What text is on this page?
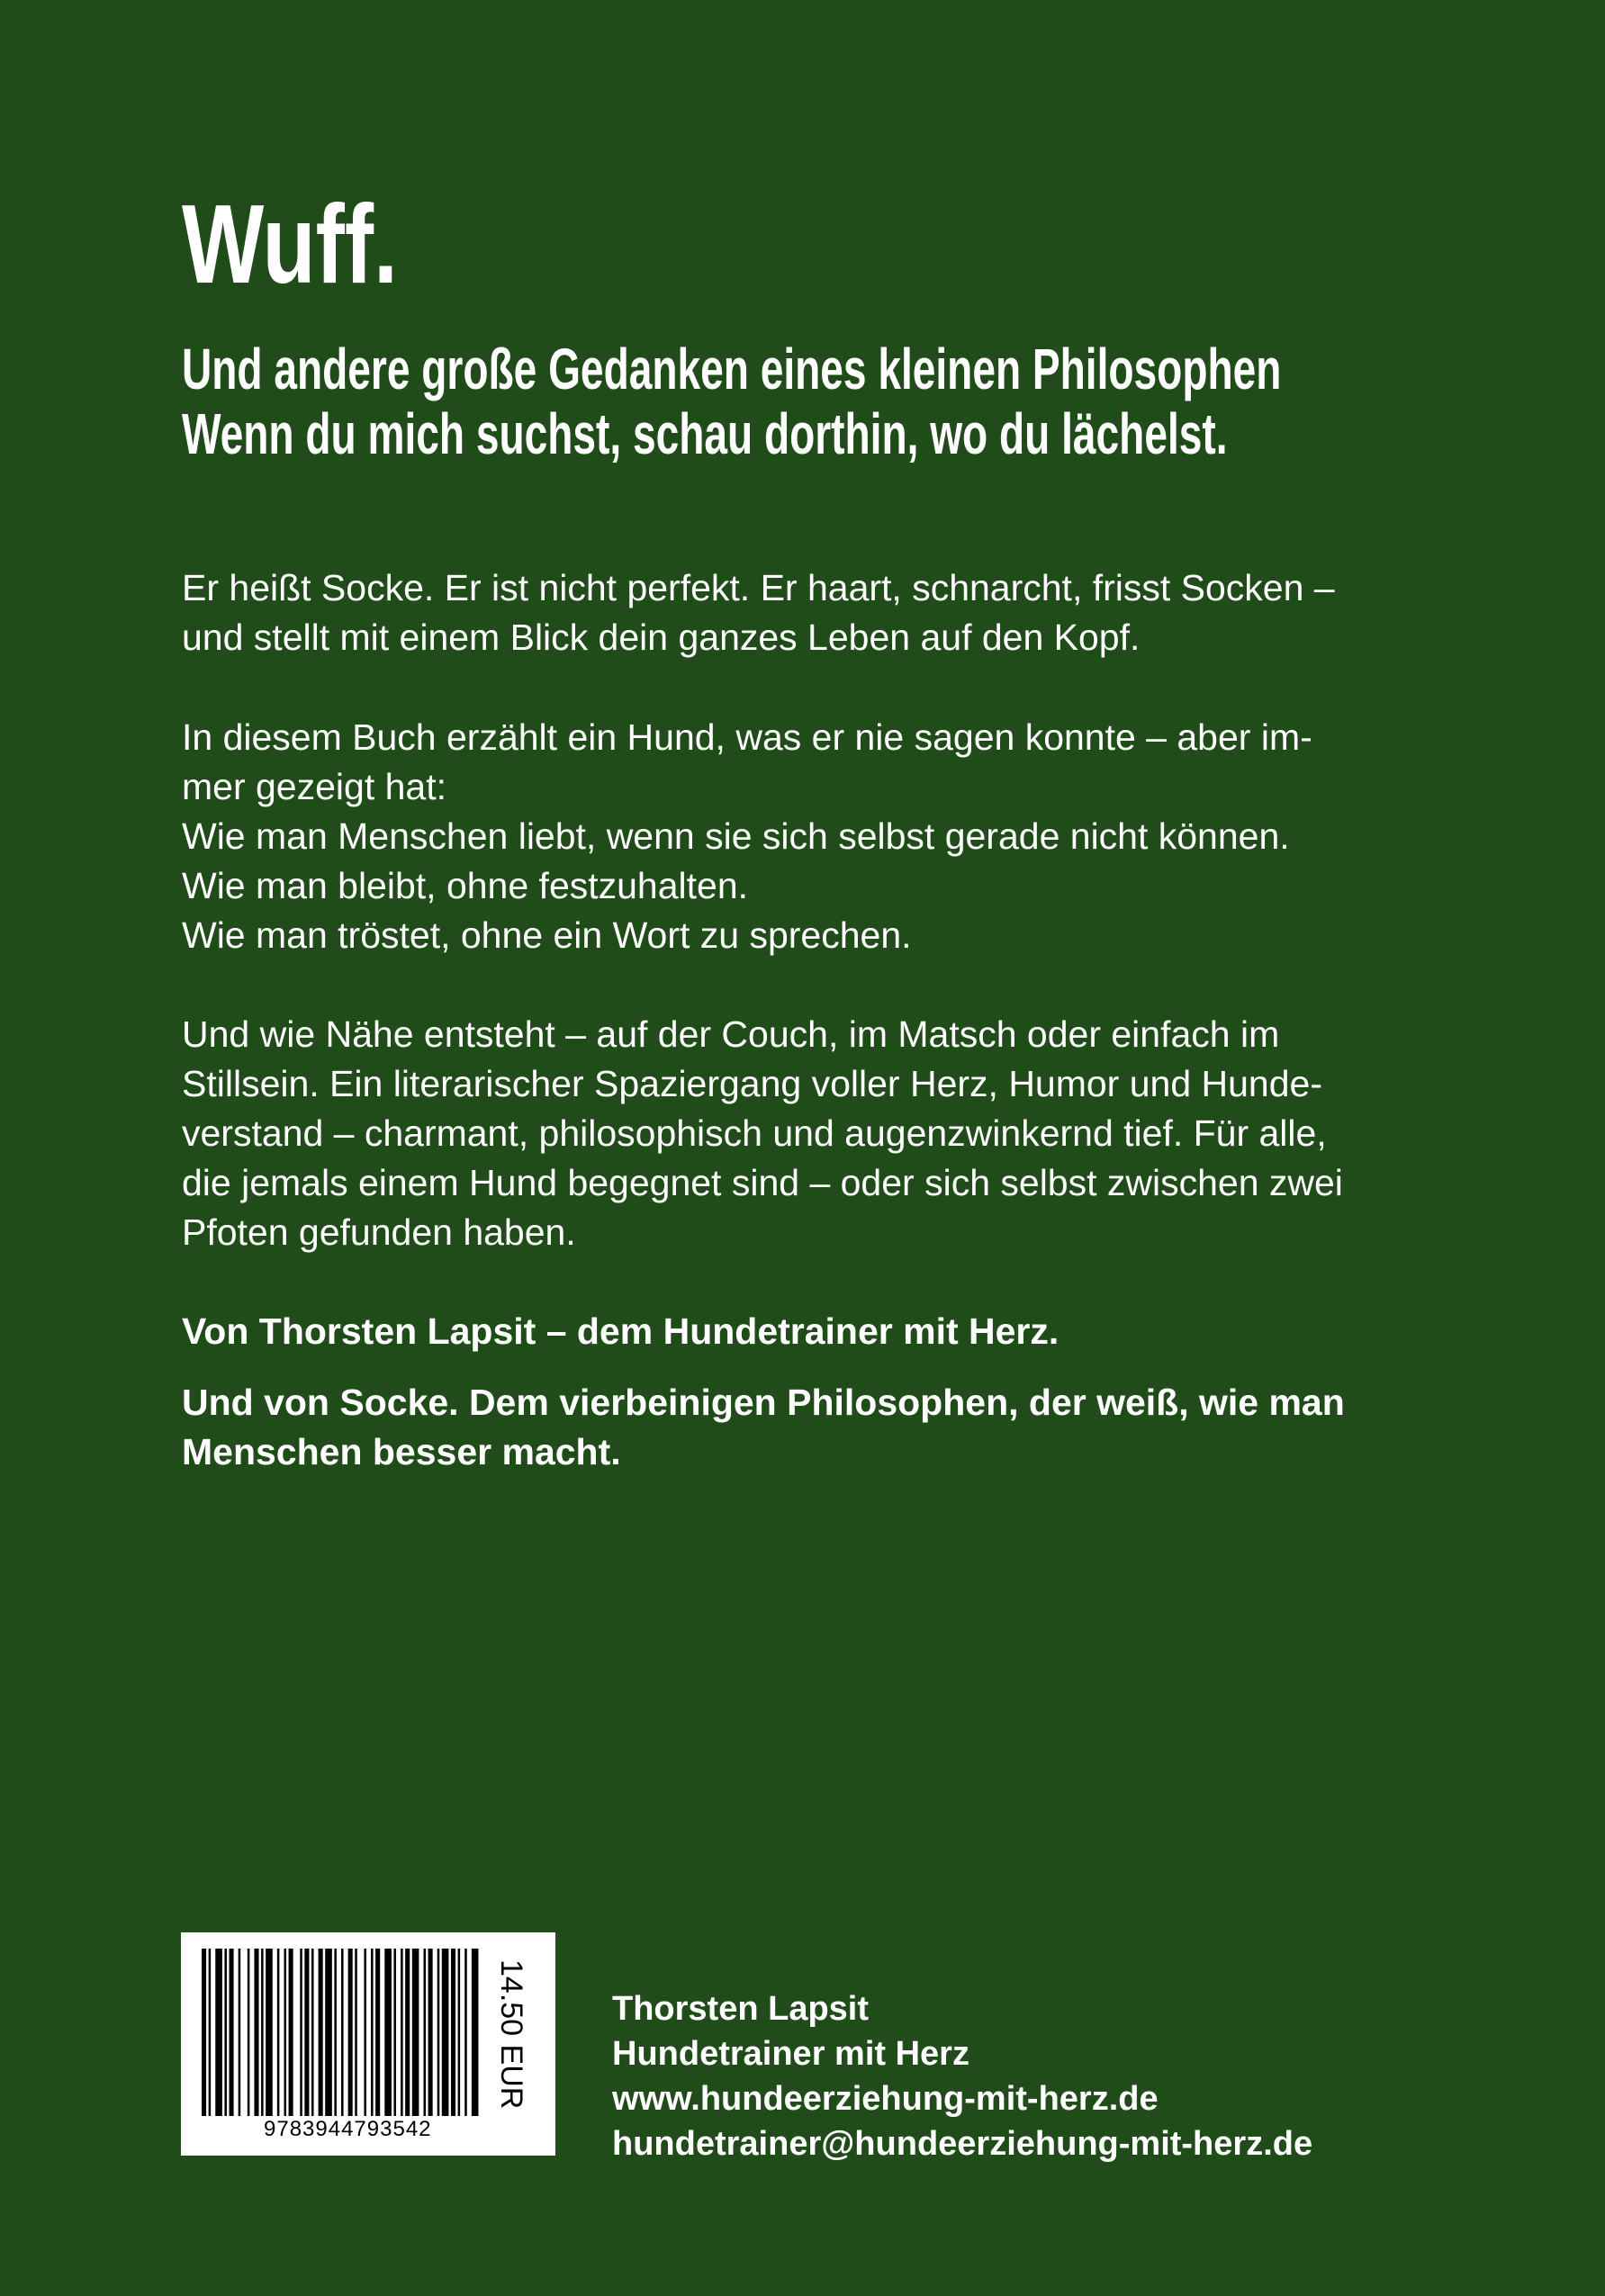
Wuff.
Und andere große Gedanken eines kleinen Philosophen
Wenn du mich suchst, schau dorthin, wo du lächelst.
Er heißt Socke. Er ist nicht perfekt. Er haart, schnarcht, frisst Socken –
und stellt mit einem Blick dein ganzes Leben auf den Kopf.
In diesem Buch erzählt ein Hund, was er nie sagen konnte – aber im-
mer gezeigt hat:
Wie man Menschen liebt, wenn sie sich selbst gerade nicht können.
Wie man bleibt, ohne festzuhalten.
Wie man tröstet, ohne ein Wort zu sprechen.
Und wie Nähe entsteht – auf der Couch, im Matsch oder einfach im
Stillsein. Ein literarischer Spaziergang voller Herz, Humor und Hunde-
verstand – charmant, philosophisch und augenzwinkernd tief. Für alle,
die jemals einem Hund begegnet sind – oder sich selbst zwischen zwei
Pfoten gefunden haben.

Von Thorsten Lapsit – dem Hundetrainer mit Herz.

Und von Socke. Dem vierbeinigen Philosophen, der weiß, wie man
Menschen besser macht.
9783944793542
14.50 EUR Thorsten Lapsit
Hundetrainer mit Herz
www.hundeerziehung-mit-herz.de
hundetrainer@hundeerziehung-mit-herz.de
